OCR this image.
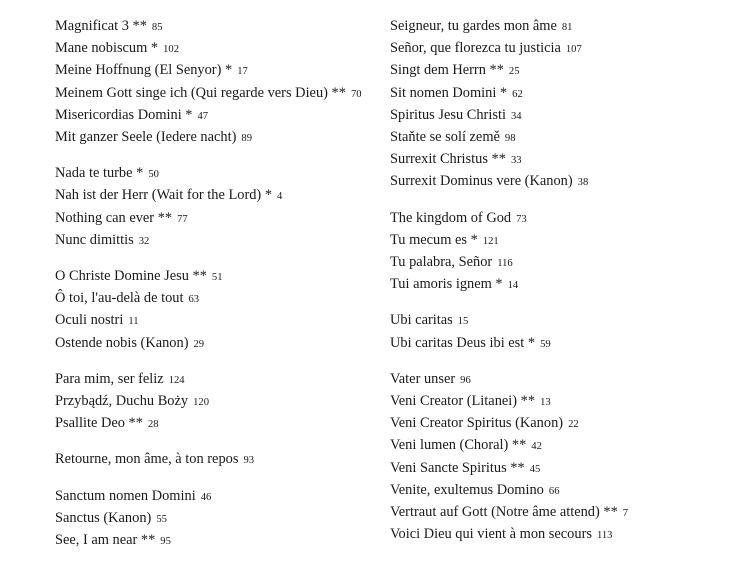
Magnificat 3 ** 85
Mane nobiscum * 102
Meine Hoffnung (El Senyor) * 17
Meinem Gott singe ich (Qui regarde vers Dieu) ** 70
Misericordias Domini * 47
Mit ganzer Seele (Iedere nacht) 89
Nada te turbe * 50
Nah ist der Herr (Wait for the Lord) * 4
Nothing can ever ** 77
Nunc dimittis 32
O Christe Domine Jesu ** 51
Ô toi, l'au-delà de tout 63
Oculi nostri 11
Ostende nobis (Kanon) 29
Para mim, ser feliz 124
Przybądź, Duchu Boży 120
Psallite Deo ** 28
Retourne, mon âme, à ton repos 93
Sanctum nomen Domini 46
Sanctus (Kanon) 55
See, I am near ** 95
Seigneur, tu gardes mon âme 81
Señor, que florezca tu justicia 107
Singt dem Herrn ** 25
Sit nomen Domini * 62
Spiritus Jesu Christi 34
Staňte se solí země 98
Surrexit Christus ** 33
Surrexit Dominus vere (Kanon) 38
The kingdom of God 73
Tu mecum es * 121
Tu palabra, Señor 116
Tui amoris ignem * 14
Ubi caritas 15
Ubi caritas Deus ibi est * 59
Vater unser 96
Veni Creator (Litanei) ** 13
Veni Creator Spiritus (Kanon) 22
Veni lumen (Choral) ** 42
Veni Sancte Spiritus ** 45
Venite, exultemus Domino 66
Vertraut auf Gott (Notre âme attend) ** 7
Voici Dieu qui vient à mon secours 113
